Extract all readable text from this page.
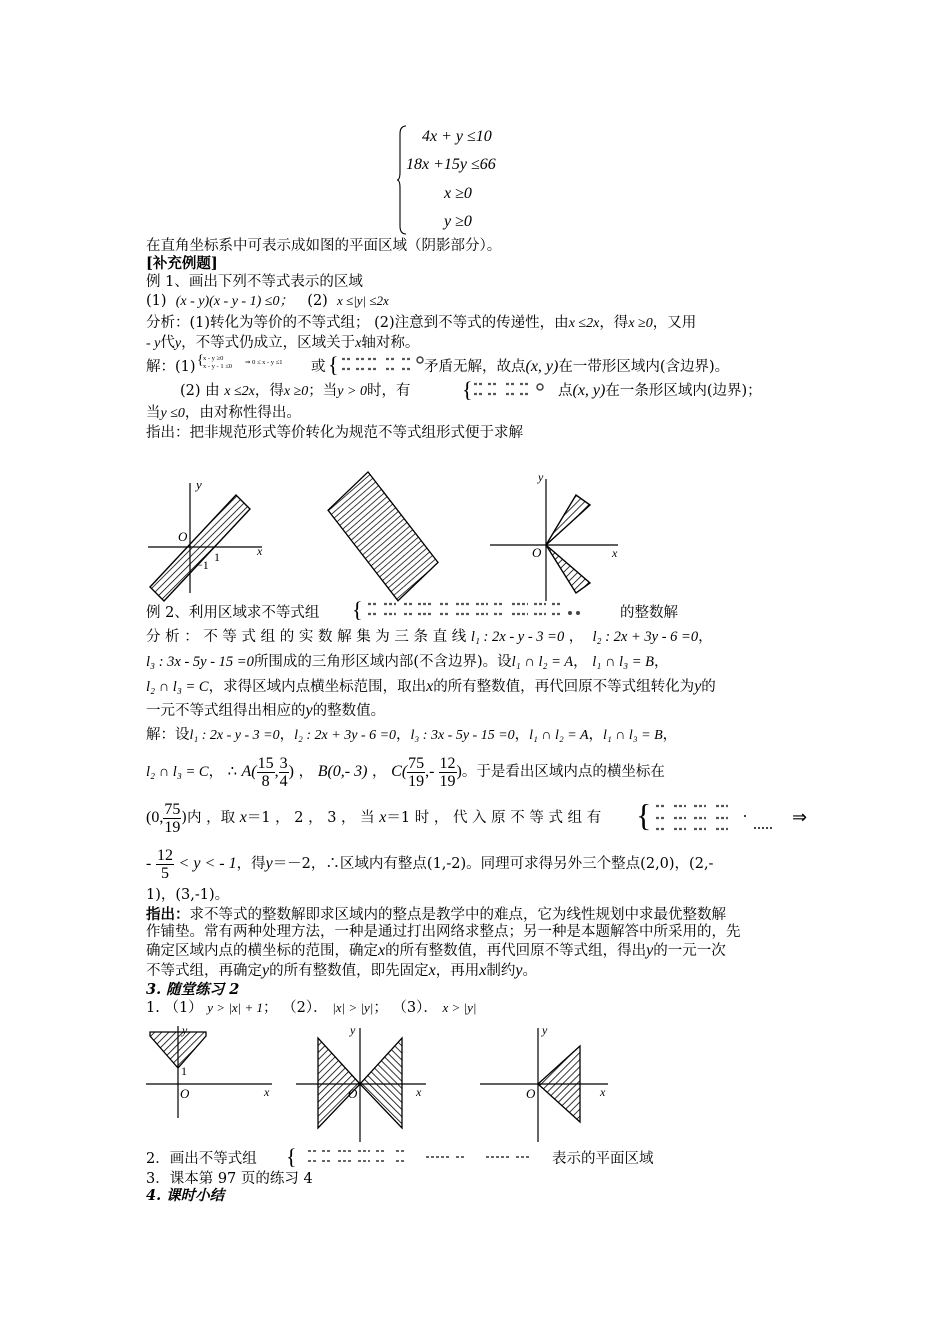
4x + y ≤10
18x +15y ≤66
x ≥0
y ≥0
在直角坐标系中可表示成如图的平面区域（阴影部分）。
[补充例题]
例 1、画出下列不等式表示的区域
(1) (x - y)(x - y - 1) ≤0； (2) x ≤|y| ≤2x
分析：(1)转化为等价的不等式组； (2)注意到不等式的传递性，由x ≤2x，得x ≥0，又用
- y代y，不等式仍成立，区域关于x轴对称。
解：(1) { x - y ≥0
x - y - 1 ≤0
⇒ 0 ≤ x - y ≤1 或 {	矛盾无解，故点(x, y)在一带形区域内(含边界)。
(2) 由 x ≤2x，得x ≥0；当y > 0时，有 {	点(x, y)在一条形区域内(边界)；
当y ≤0，由对称性得出。
指出：把非规范形式等价转化为规范不等式组形式便于求解
y
x
O
1
−1
y
x
O
例 2、利用区域求不等式组 {	的整数解
分 析 ： 不 等 式 组 的 实 数 解 集 为 三 条 直 线 l₁ : 2x - y - 3 =0 ，  l₂ : 2x + 3y - 6 =0，
l₃ : 3x - 5y - 15 =0所围成的三角形区域内部(不含边界)。设l₁ ∩ l₂ = A， l₁ ∩ l₃ = B，
l₂ ∩ l₃ = C，求得区域内点横坐标范围，取出x的所有整数值，再代回原不等式组转化为y的
一元不等式组得出相应的y的整数值。
解：设l₁ : 2x - y - 3 =0，l₂ : 2x + 3y - 6 =0，l₃ : 3x - 5y - 15 =0，l₁ ∩ l₂ = A，l₁ ∩ l₃ = B，
l₂ ∩ l₃ = C ， ∴
$A( \frac{15}{8}$ , $\frac{3}{4}$ ) ， B(0,- 3) ， $C( \frac{75}{19}$ ,- $\frac{12}{19}$ ) 。于是看出区域内点的横坐标在
(0, $\frac{75}{19}$ )内 ，取
x ＝1 ， 2 ， 3 ， 当
x ＝1 时 ， 代 入 原 不 等 式 组 有 {	⇒
-
$\frac{12}{5}$
< y < - 1 ，得 y ＝－2，∴区域内有整点(1,-2)。同理可求得另外三个整点(2,0)，(2,-
1)，(3,-1)。
指出：求不等式的整数解即求区域内的整点是教学中的难点，它为线性规划中求最优整数解
作铺垫。常有两种处理方法，一种是通过打出网络求整点；另一种是本题解答中所采用的，先
确定区域内点的横坐标的范围，确定x的所有整数值，再代回原不等式组，得出y的一元一次
不等式组，再确定y的所有整数值，即先固定x，再用x制约y。
3. 随堂练习 2
1. （1） y > |x| + 1； （2）． |x| > |y|； （3）． x > |y|
y
x
O
1
y
x
O
y
x
O
2．画出不等式组 {	表示的平面区域
3．课本第 97 页的练习 4
4. 课时小结
